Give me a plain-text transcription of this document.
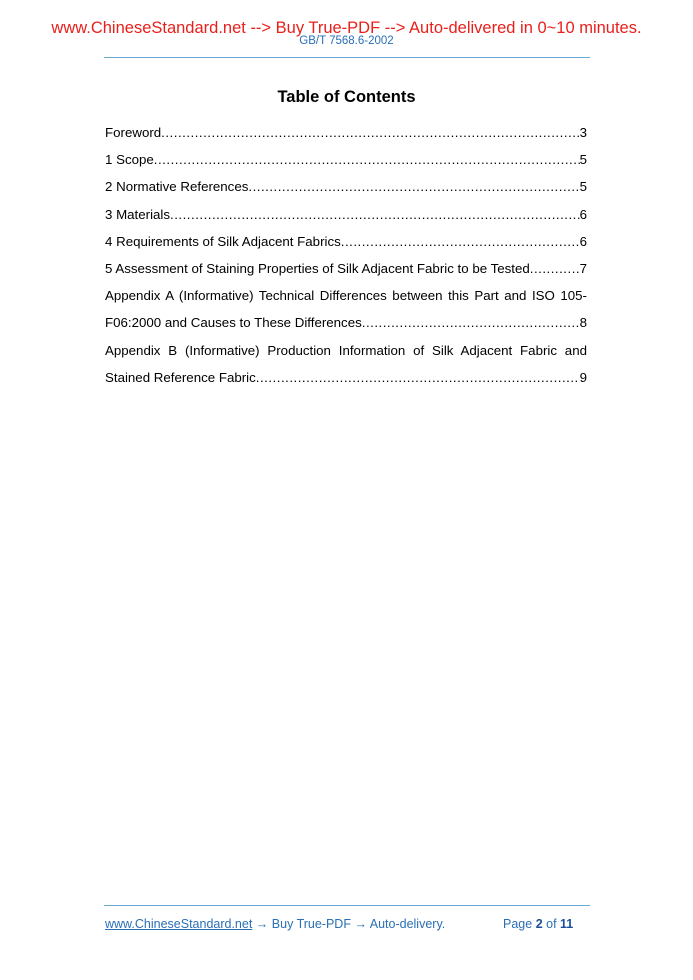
www.ChineseStandard.net --> Buy True-PDF --> Auto-delivered in 0~10 minutes.
GB/T 7568.6-2002
Table of Contents
Foreword .....	3
1 Scope .....	5
2 Normative References .....	5
3 Materials .....	6
4 Requirements of Silk Adjacent Fabrics .....	6
5 Assessment of Staining Properties of Silk Adjacent Fabric to be Tested .....	7
Appendix A (Informative) Technical Differences between this Part and ISO 105-
F06:2000 and Causes to These Differences .....	8
Appendix B (Informative) Production Information of Silk Adjacent Fabric and
Stained Reference Fabric .....	9
www.ChineseStandard.net → Buy True-PDF → Auto-delivery.	Page 2 of 11
